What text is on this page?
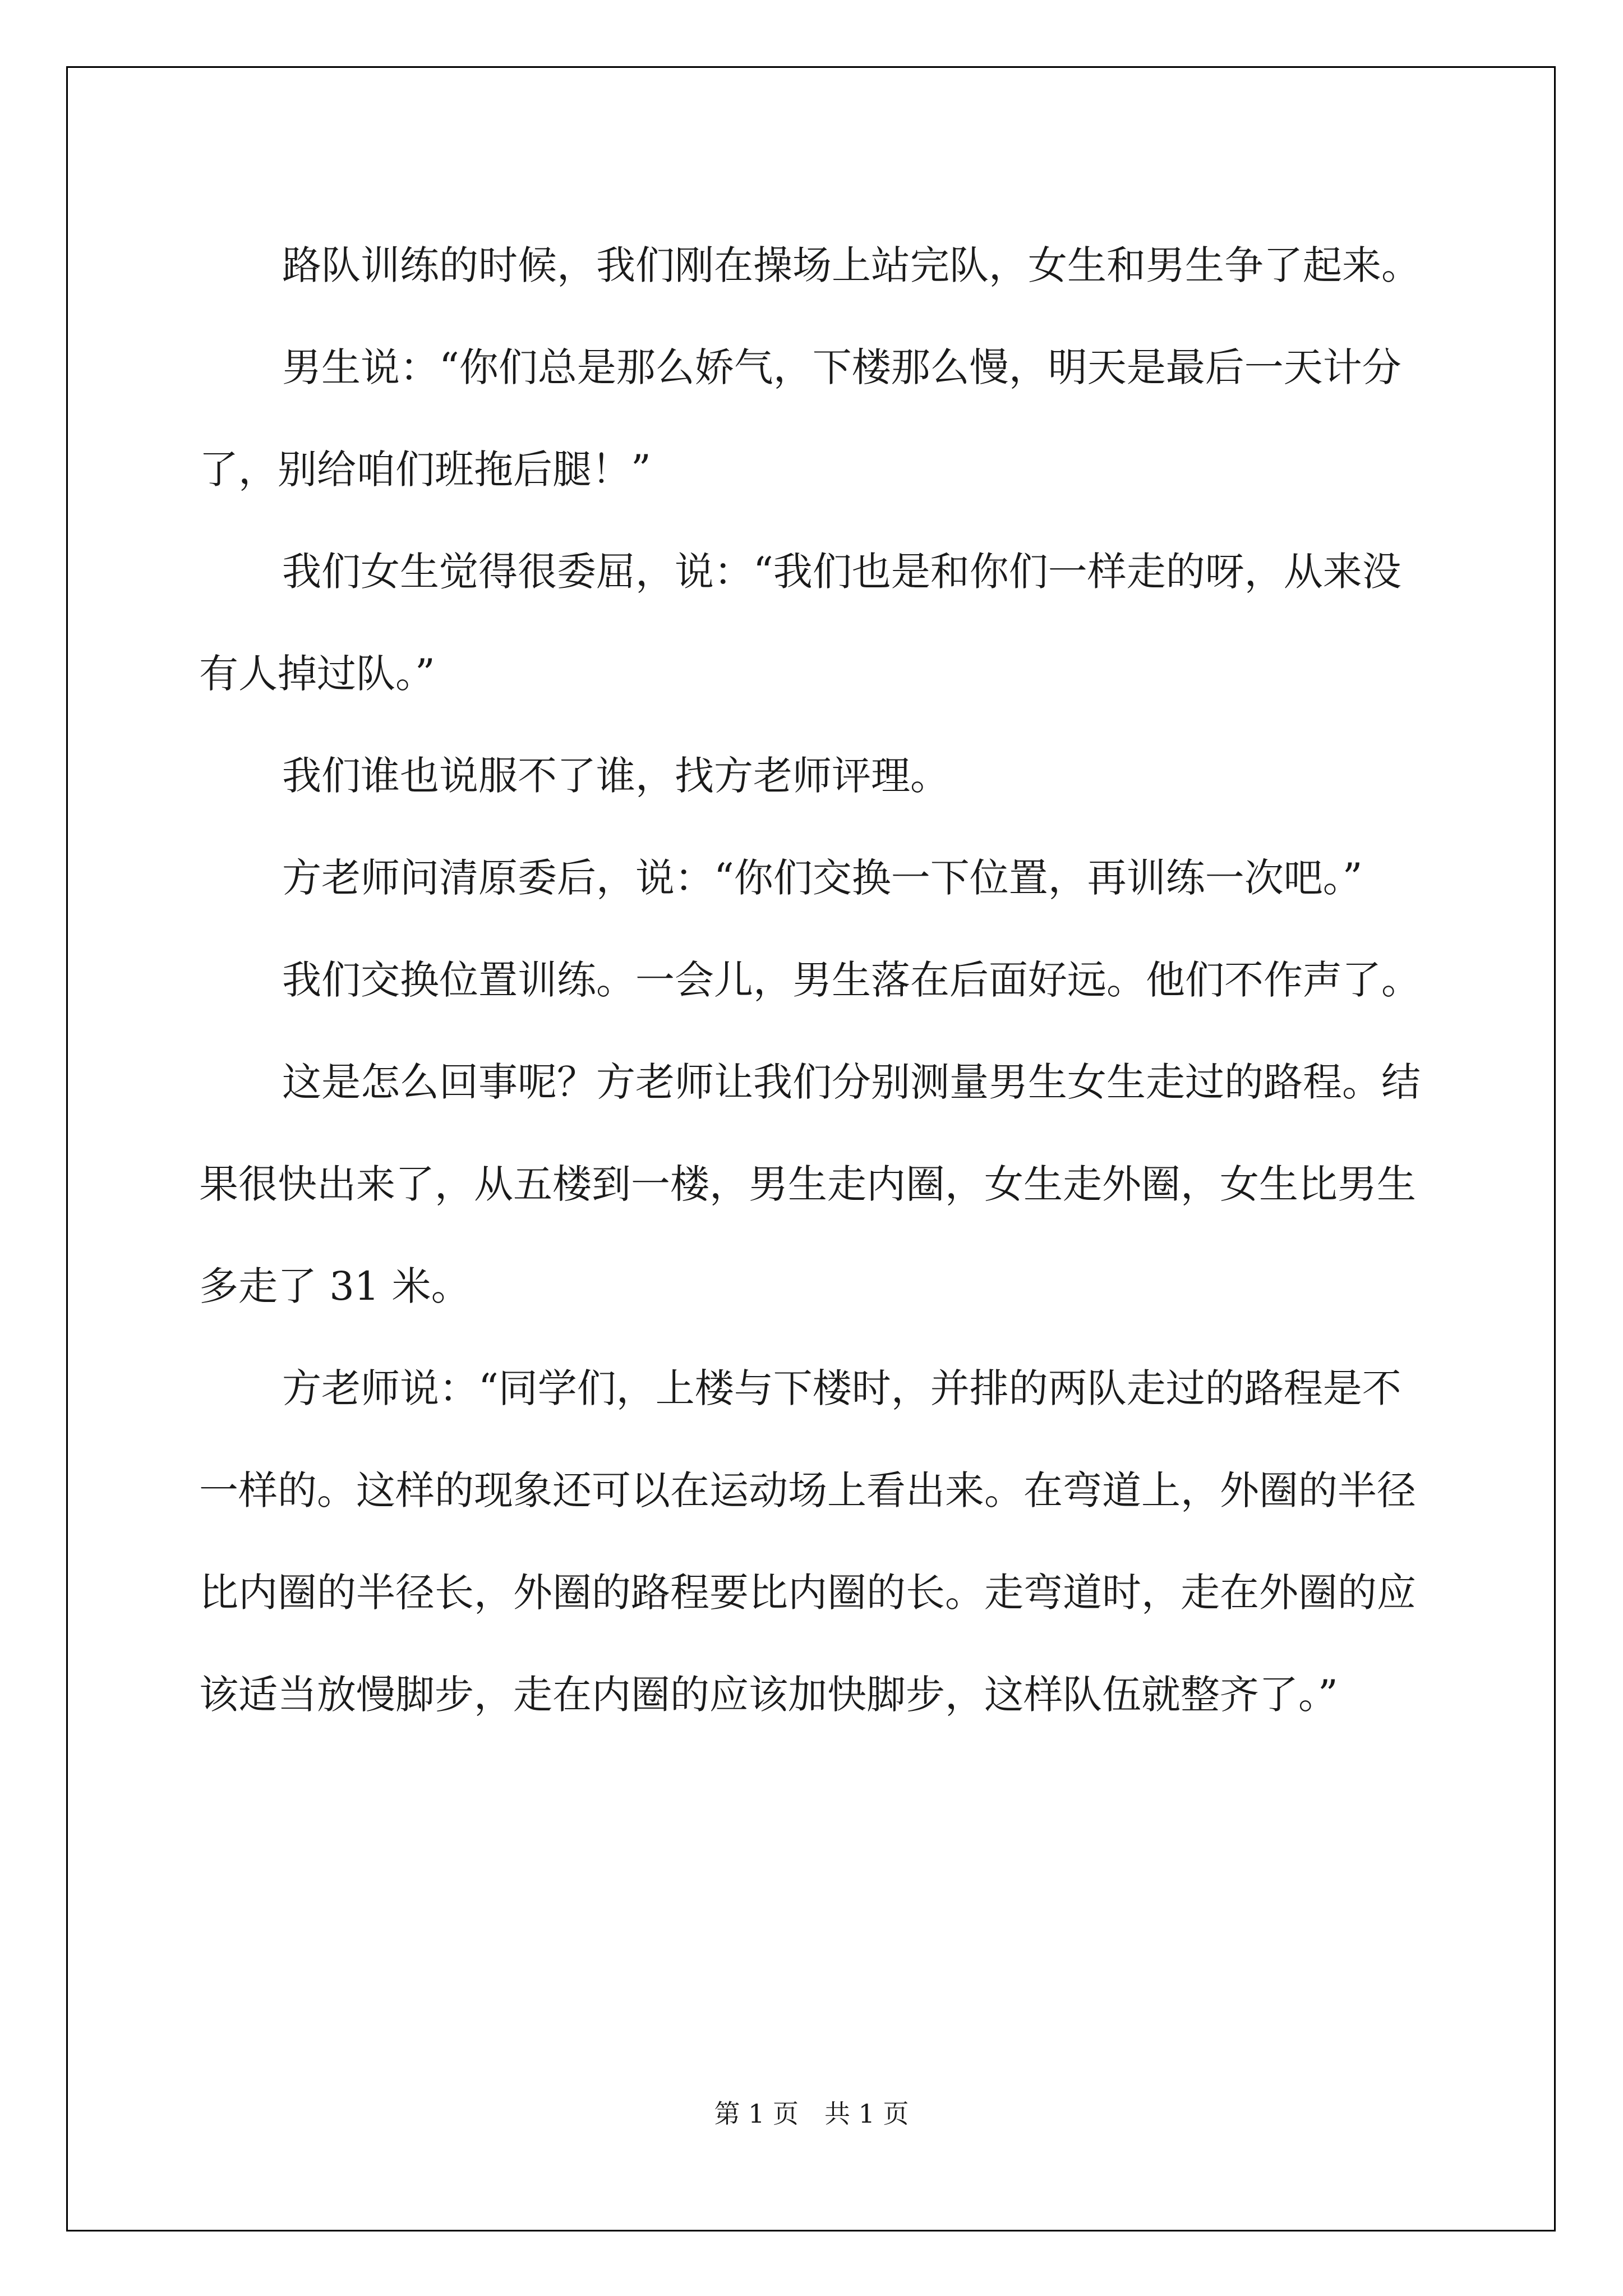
路队训练的时候，我们刚在操场上站完队，女生和男生争了起来。

男生说：“你们总是那么娇气，下楼那么慢，明天是最后一天计分了，别给咱们班拖后腿！”

我们女生觉得很委屈，说：“我们也是和你们一样走的呀，从来没有人掉过队。”

我们谁也说服不了谁，找方老师评理。

方老师问清原委后，说：“你们交换一下位置，再训练一次吧。”

我们交换位置训练。一会儿，男生落在后面好远。他们不作声了。

这是怎么回事呢？方老师让我们分别测量男生女生走过的路程。结果很快出来了，从五楼到一楼，男生走内圈，女生走外圈，女生比男生多走了 31 米。

方老师说：“同学们，上楼与下楼时，并排的两队走过的路程是不一样的。这样的现象还可以在运动场上看出来。在弯道上，外圈的半径比内圈的半径长，外圈的路程要比内圈的长。走弯道时，走在外圈的应该适当放慢脚步，走在内圈的应该加快脚步，这样队伍就整齐了。”

第 1 页 共 1 页
